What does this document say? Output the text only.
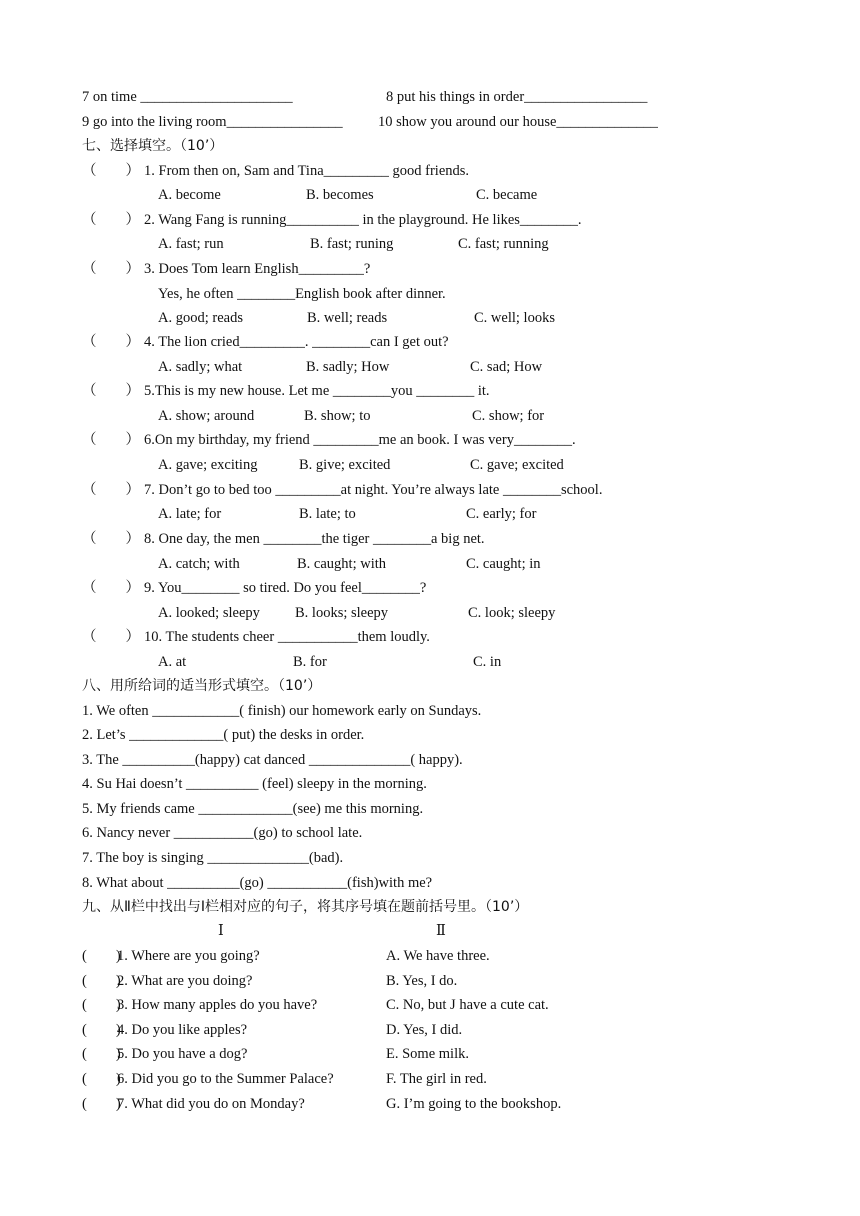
7 on time _____________________	8 put his things in order_________________
9 go into the living room________________ 10 show you around our house______________
七、选择填空。（10’）
（        ） 1. From then on, Sam and Tina_________ good friends.
A. become	B. becomes	C. became
（        ） 2. Wang Fang is running__________ in the playground. He likes________.
A. fast; run	B. fast; runing	C. fast; running
（        ） 3. Does Tom learn English_________?
Yes, he often ________English book after dinner.
A. good; reads	B. well; reads	C. well; looks
（        ） 4. The lion cried_________. ________can I get out?
A. sadly; what	B. sadly; How	C. sad; How
（        ） 5.This is my new house. Let me ________you ________ it.
A. show; around	B. show; to	C. show; for
（        ） 6.On my birthday, my friend _________me an book. I was very________.
A. gave; exciting	B. give; excited	C. gave; excited
（        ） 7. Don’t go to bed too _________at night. You’re always late ________school.
A. late; for	B. late; to	C. early; for
（        ） 8. One day, the men ________the tiger ________a big net.
A. catch; with	B. caught; with	C. caught; in
（        ） 9. You________ so tired. Do you feel________?
A. looked; sleepy B. looks; sleepy	C. look; sleepy
（        ） 10. The students cheer ___________them loudly.
A. at	B. for	C. in
八、用所给词的适当形式填空。（10’）
1. We often ____________( finish) our homework early on Sundays.
2. Let’s _____________( put) the desks in order.
3. The __________(happy) cat danced ______________( happy).
4. Su Hai doesn’t __________ (feel) sleepy in the morning.
5. My friends came _____________(see) me this morning.
6. Nancy never ___________(go) to school late.
7. The boy is singing ______________(bad).
8. What about __________(go) ___________(fish)with me?
九、从Ⅱ栏中找出与Ⅰ栏相对应的句子，将其序号填在题前括号里。（10’）
Ⅰ	Ⅱ
(        )
1. Where are you going?	A. We have three.
(        )
2. What are you doing?	B. Yes, I do.
(        )
3. How many apples do you have?	C. No, but J have a cute cat.
(        )
4. Do you like apples?	D. Yes, I did.
(        )
5. Do you have a dog?	E. Some milk.
(        )
6. Did you go to the Summer Palace?	F. The girl in red.
(        )
7. What did you do on Monday?	G. I’m going to the bookshop.
